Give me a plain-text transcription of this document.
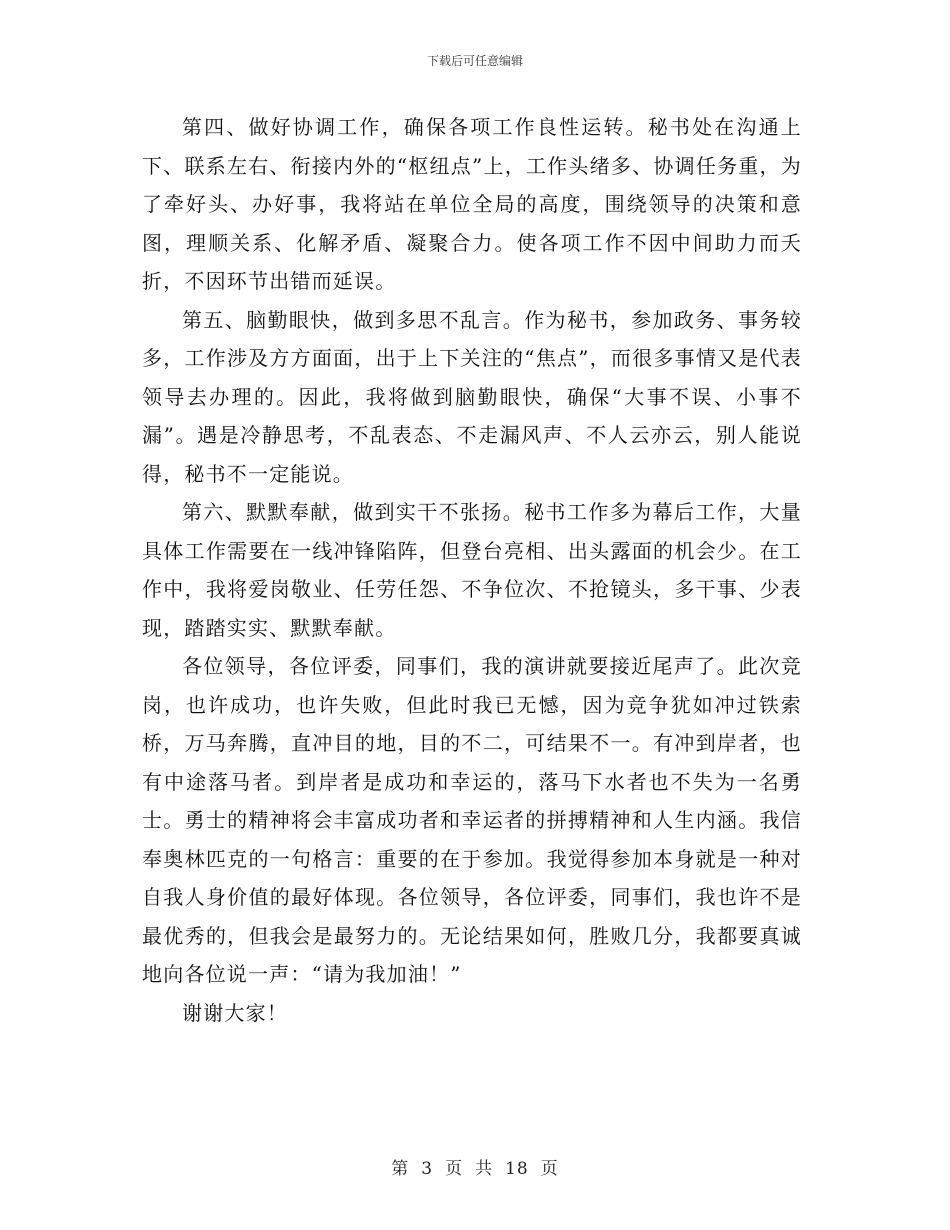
下载后可任意编辑

第四、做好协调工作，确保各项工作良性运转。秘书处在沟通上下、联系左右、衔接内外的“枢纽点”上，工作头绪多、协调任务重，为了牵好头、办好事，我将站在单位全局的高度，围绕领导的决策和意图，理顺关系、化解矛盾、凝聚合力。使各项工作不因中间助力而夭折，不因环节出错而延误。

第五、脑勤眼快，做到多思不乱言。作为秘书，参加政务、事务较多，工作涉及方方面面，出于上下关注的“焦点”，而很多事情又是代表领导去办理的。因此，我将做到脑勤眼快，确保“大事不误、小事不漏”。遇是冷静思考，不乱表态、不走漏风声、不人云亦云，别人能说得，秘书不一定能说。

第六、默默奉献，做到实干不张扬。秘书工作多为幕后工作，大量具体工作需要在一线冲锋陷阵，但登台亮相、出头露面的机会少。在工作中，我将爱岗敬业、任劳任怨、不争位次、不抢镜头，多干事、少表现，踏踏实实、默默奉献。

各位领导，各位评委，同事们，我的演讲就要接近尾声了。此次竞岗，也许成功，也许失败，但此时我已无憾，因为竞争犹如冲过铁索桥，万马奔腾，直冲目的地，目的不二，可结果不一。有冲到岸者，也有中途落马者。到岸者是成功和幸运的，落马下水者也不失为一名勇士。勇士的精神将会丰富成功者和幸运者的拼搏精神和人生内涵。我信奉奥林匹克的一句格言：重要的在于参加。我觉得参加本身就是一种对自我人身价值的最好体现。各位领导，各位评委，同事们，我也许不是最优秀的，但我会是最努力的。无论结果如何，胜败几分，我都要真诚地向各位说一声：“请为我加油！”

谢谢大家！

第 3 页 共 18 页
